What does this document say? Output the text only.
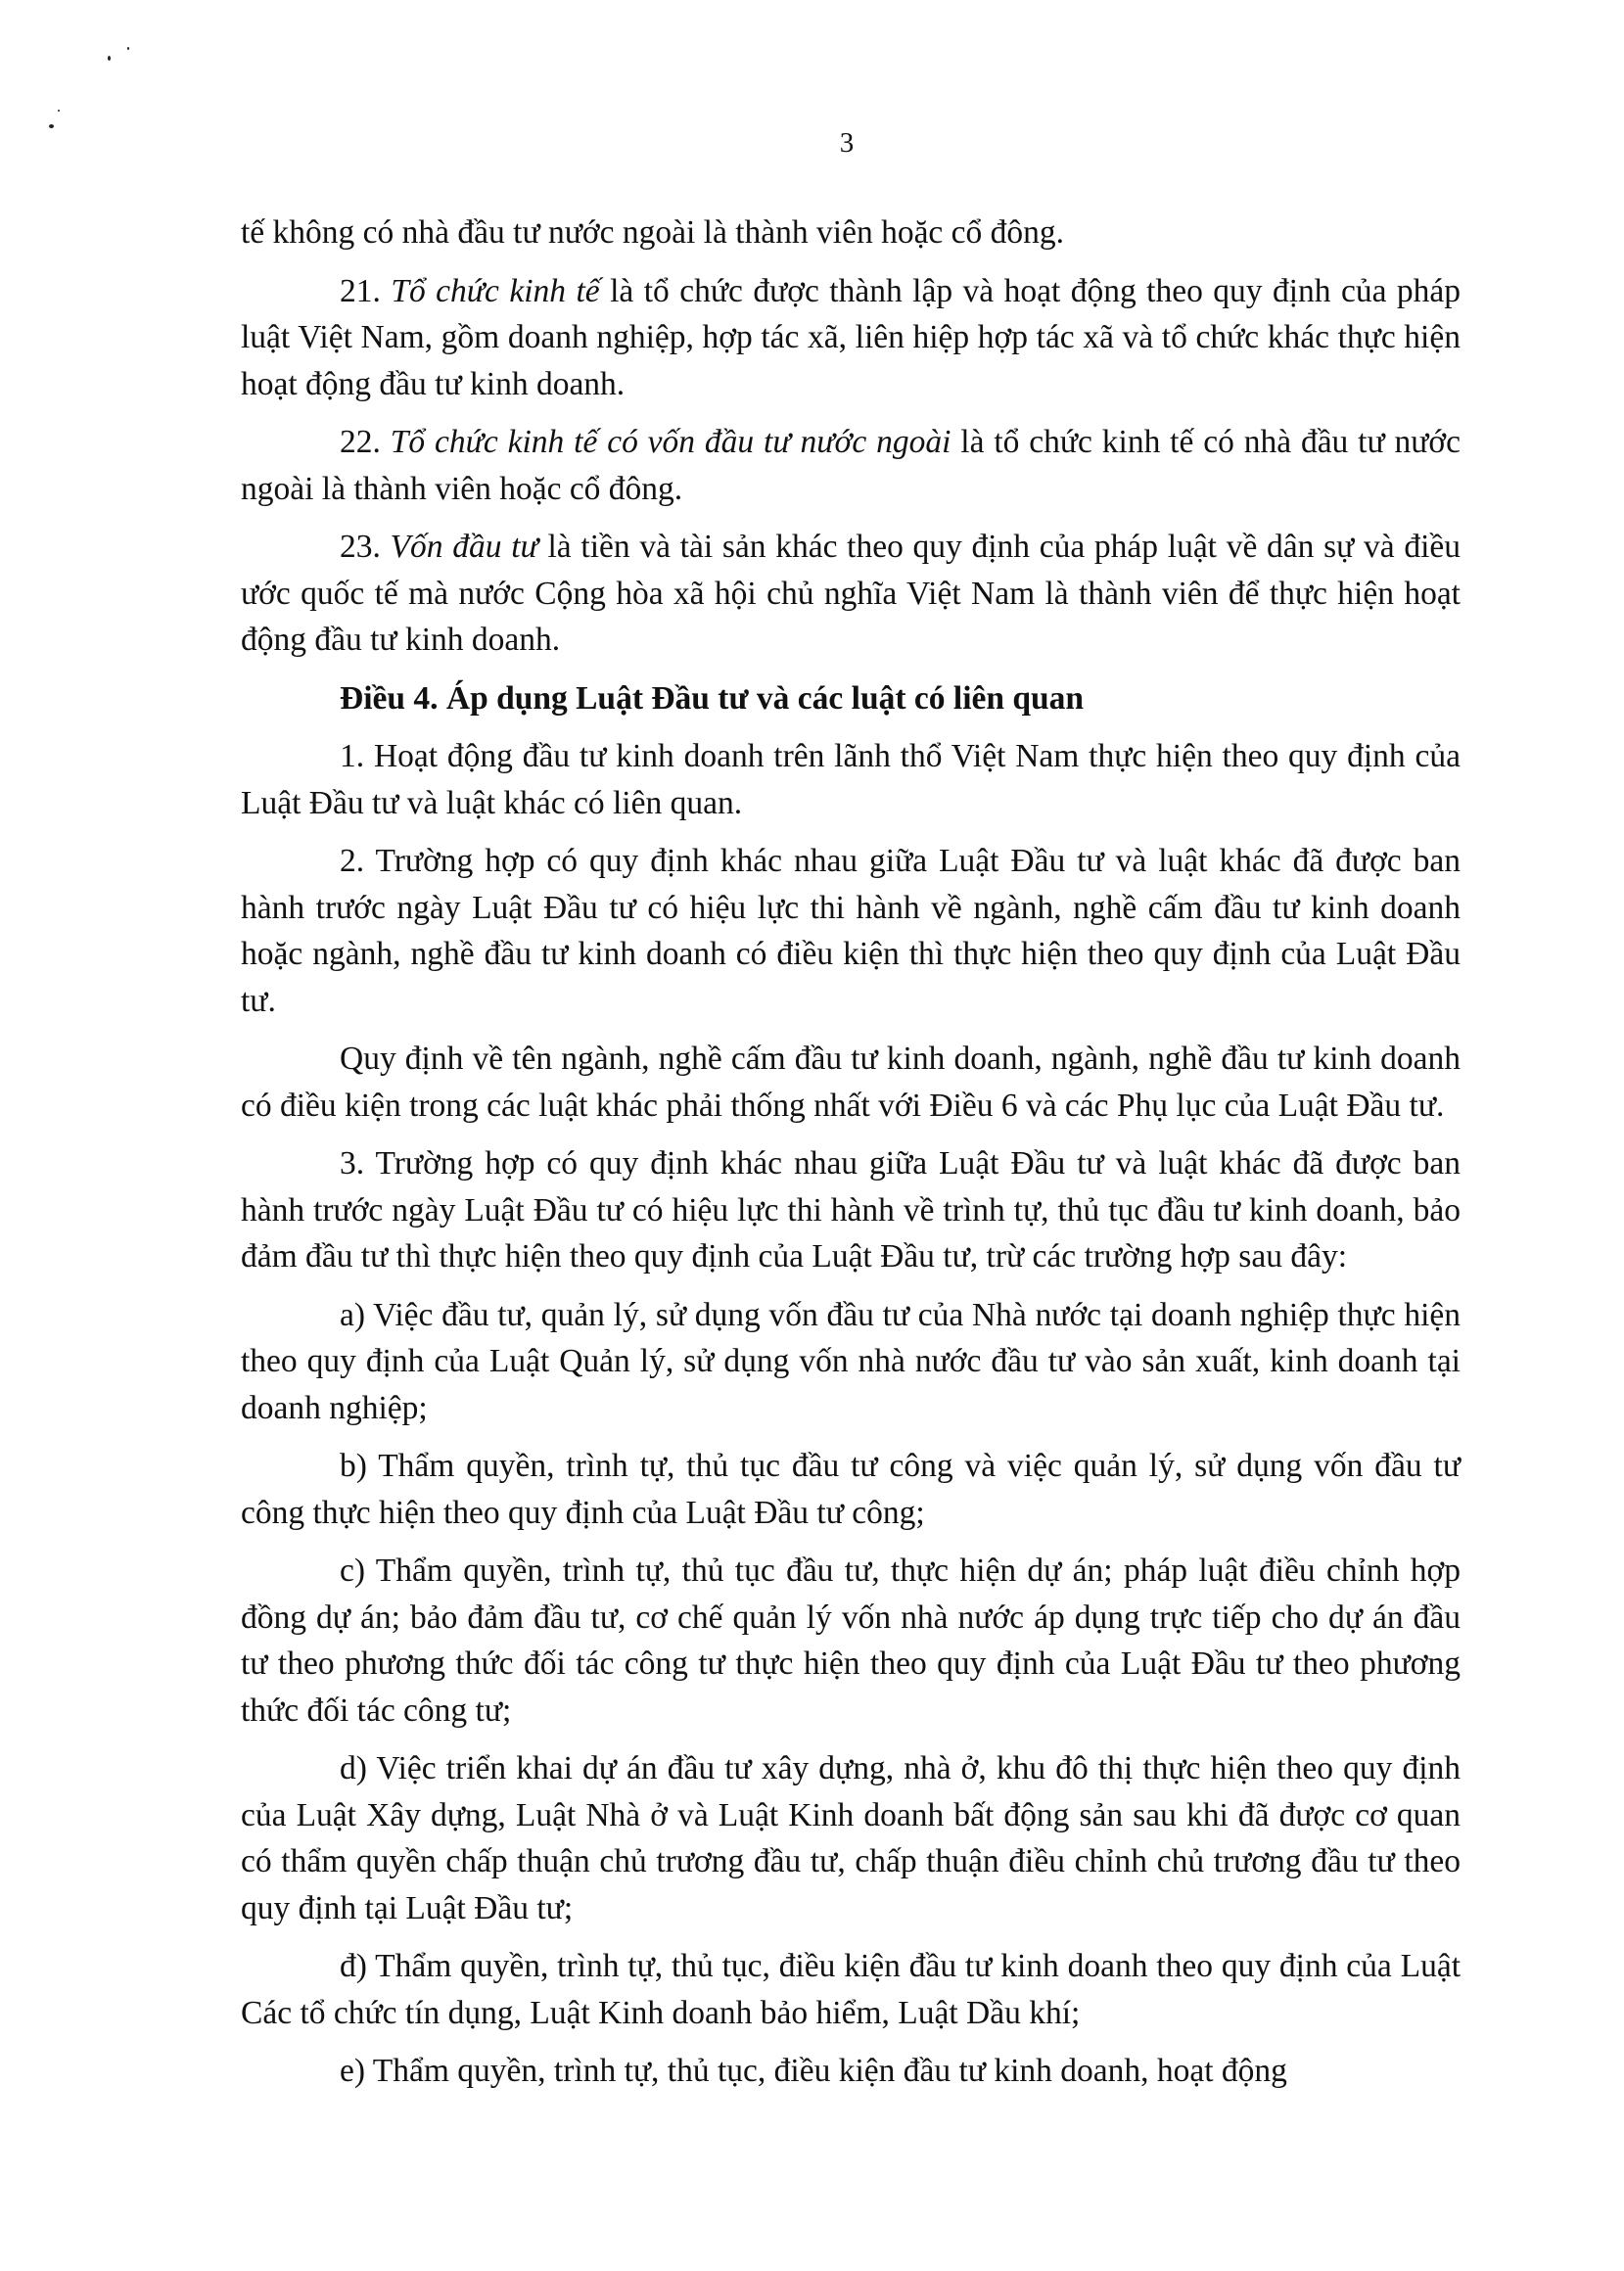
3

tế không có nhà đầu tư nước ngoài là thành viên hoặc cổ đông.

21. Tổ chức kinh tế là tổ chức được thành lập và hoạt động theo quy định của pháp luật Việt Nam, gồm doanh nghiệp, hợp tác xã, liên hiệp hợp tác xã và tổ chức khác thực hiện hoạt động đầu tư kinh doanh.

22. Tổ chức kinh tế có vốn đầu tư nước ngoài là tổ chức kinh tế có nhà đầu tư nước ngoài là thành viên hoặc cổ đông.

23. Vốn đầu tư là tiền và tài sản khác theo quy định của pháp luật về dân sự và điều ước quốc tế mà nước Cộng hòa xã hội chủ nghĩa Việt Nam là thành viên để thực hiện hoạt động đầu tư kinh doanh.

Điều 4. Áp dụng Luật Đầu tư và các luật có liên quan

1. Hoạt động đầu tư kinh doanh trên lãnh thổ Việt Nam thực hiện theo quy định của Luật Đầu tư và luật khác có liên quan.

2. Trường hợp có quy định khác nhau giữa Luật Đầu tư và luật khác đã được ban hành trước ngày Luật Đầu tư có hiệu lực thi hành về ngành, nghề cấm đầu tư kinh doanh hoặc ngành, nghề đầu tư kinh doanh có điều kiện thì thực hiện theo quy định của Luật Đầu tư.

Quy định về tên ngành, nghề cấm đầu tư kinh doanh, ngành, nghề đầu tư kinh doanh có điều kiện trong các luật khác phải thống nhất với Điều 6 và các Phụ lục của Luật Đầu tư.

3. Trường hợp có quy định khác nhau giữa Luật Đầu tư và luật khác đã được ban hành trước ngày Luật Đầu tư có hiệu lực thi hành về trình tự, thủ tục đầu tư kinh doanh, bảo đảm đầu tư thì thực hiện theo quy định của Luật Đầu tư, trừ các trường hợp sau đây:

a) Việc đầu tư, quản lý, sử dụng vốn đầu tư của Nhà nước tại doanh nghiệp thực hiện theo quy định của Luật Quản lý, sử dụng vốn nhà nước đầu tư vào sản xuất, kinh doanh tại doanh nghiệp;

b) Thẩm quyền, trình tự, thủ tục đầu tư công và việc quản lý, sử dụng vốn đầu tư công thực hiện theo quy định của Luật Đầu tư công;

c) Thẩm quyền, trình tự, thủ tục đầu tư, thực hiện dự án; pháp luật điều chỉnh hợp đồng dự án; bảo đảm đầu tư, cơ chế quản lý vốn nhà nước áp dụng trực tiếp cho dự án đầu tư theo phương thức đối tác công tư thực hiện theo quy định của Luật Đầu tư theo phương thức đối tác công tư;

d) Việc triển khai dự án đầu tư xây dựng, nhà ở, khu đô thị thực hiện theo quy định của Luật Xây dựng, Luật Nhà ở và Luật Kinh doanh bất động sản sau khi đã được cơ quan có thẩm quyền chấp thuận chủ trương đầu tư, chấp thuận điều chỉnh chủ trương đầu tư theo quy định tại Luật Đầu tư;

đ) Thẩm quyền, trình tự, thủ tục, điều kiện đầu tư kinh doanh theo quy định của Luật Các tổ chức tín dụng, Luật Kinh doanh bảo hiểm, Luật Dầu khí;

e) Thẩm quyền, trình tự, thủ tục, điều kiện đầu tư kinh doanh, hoạt động
